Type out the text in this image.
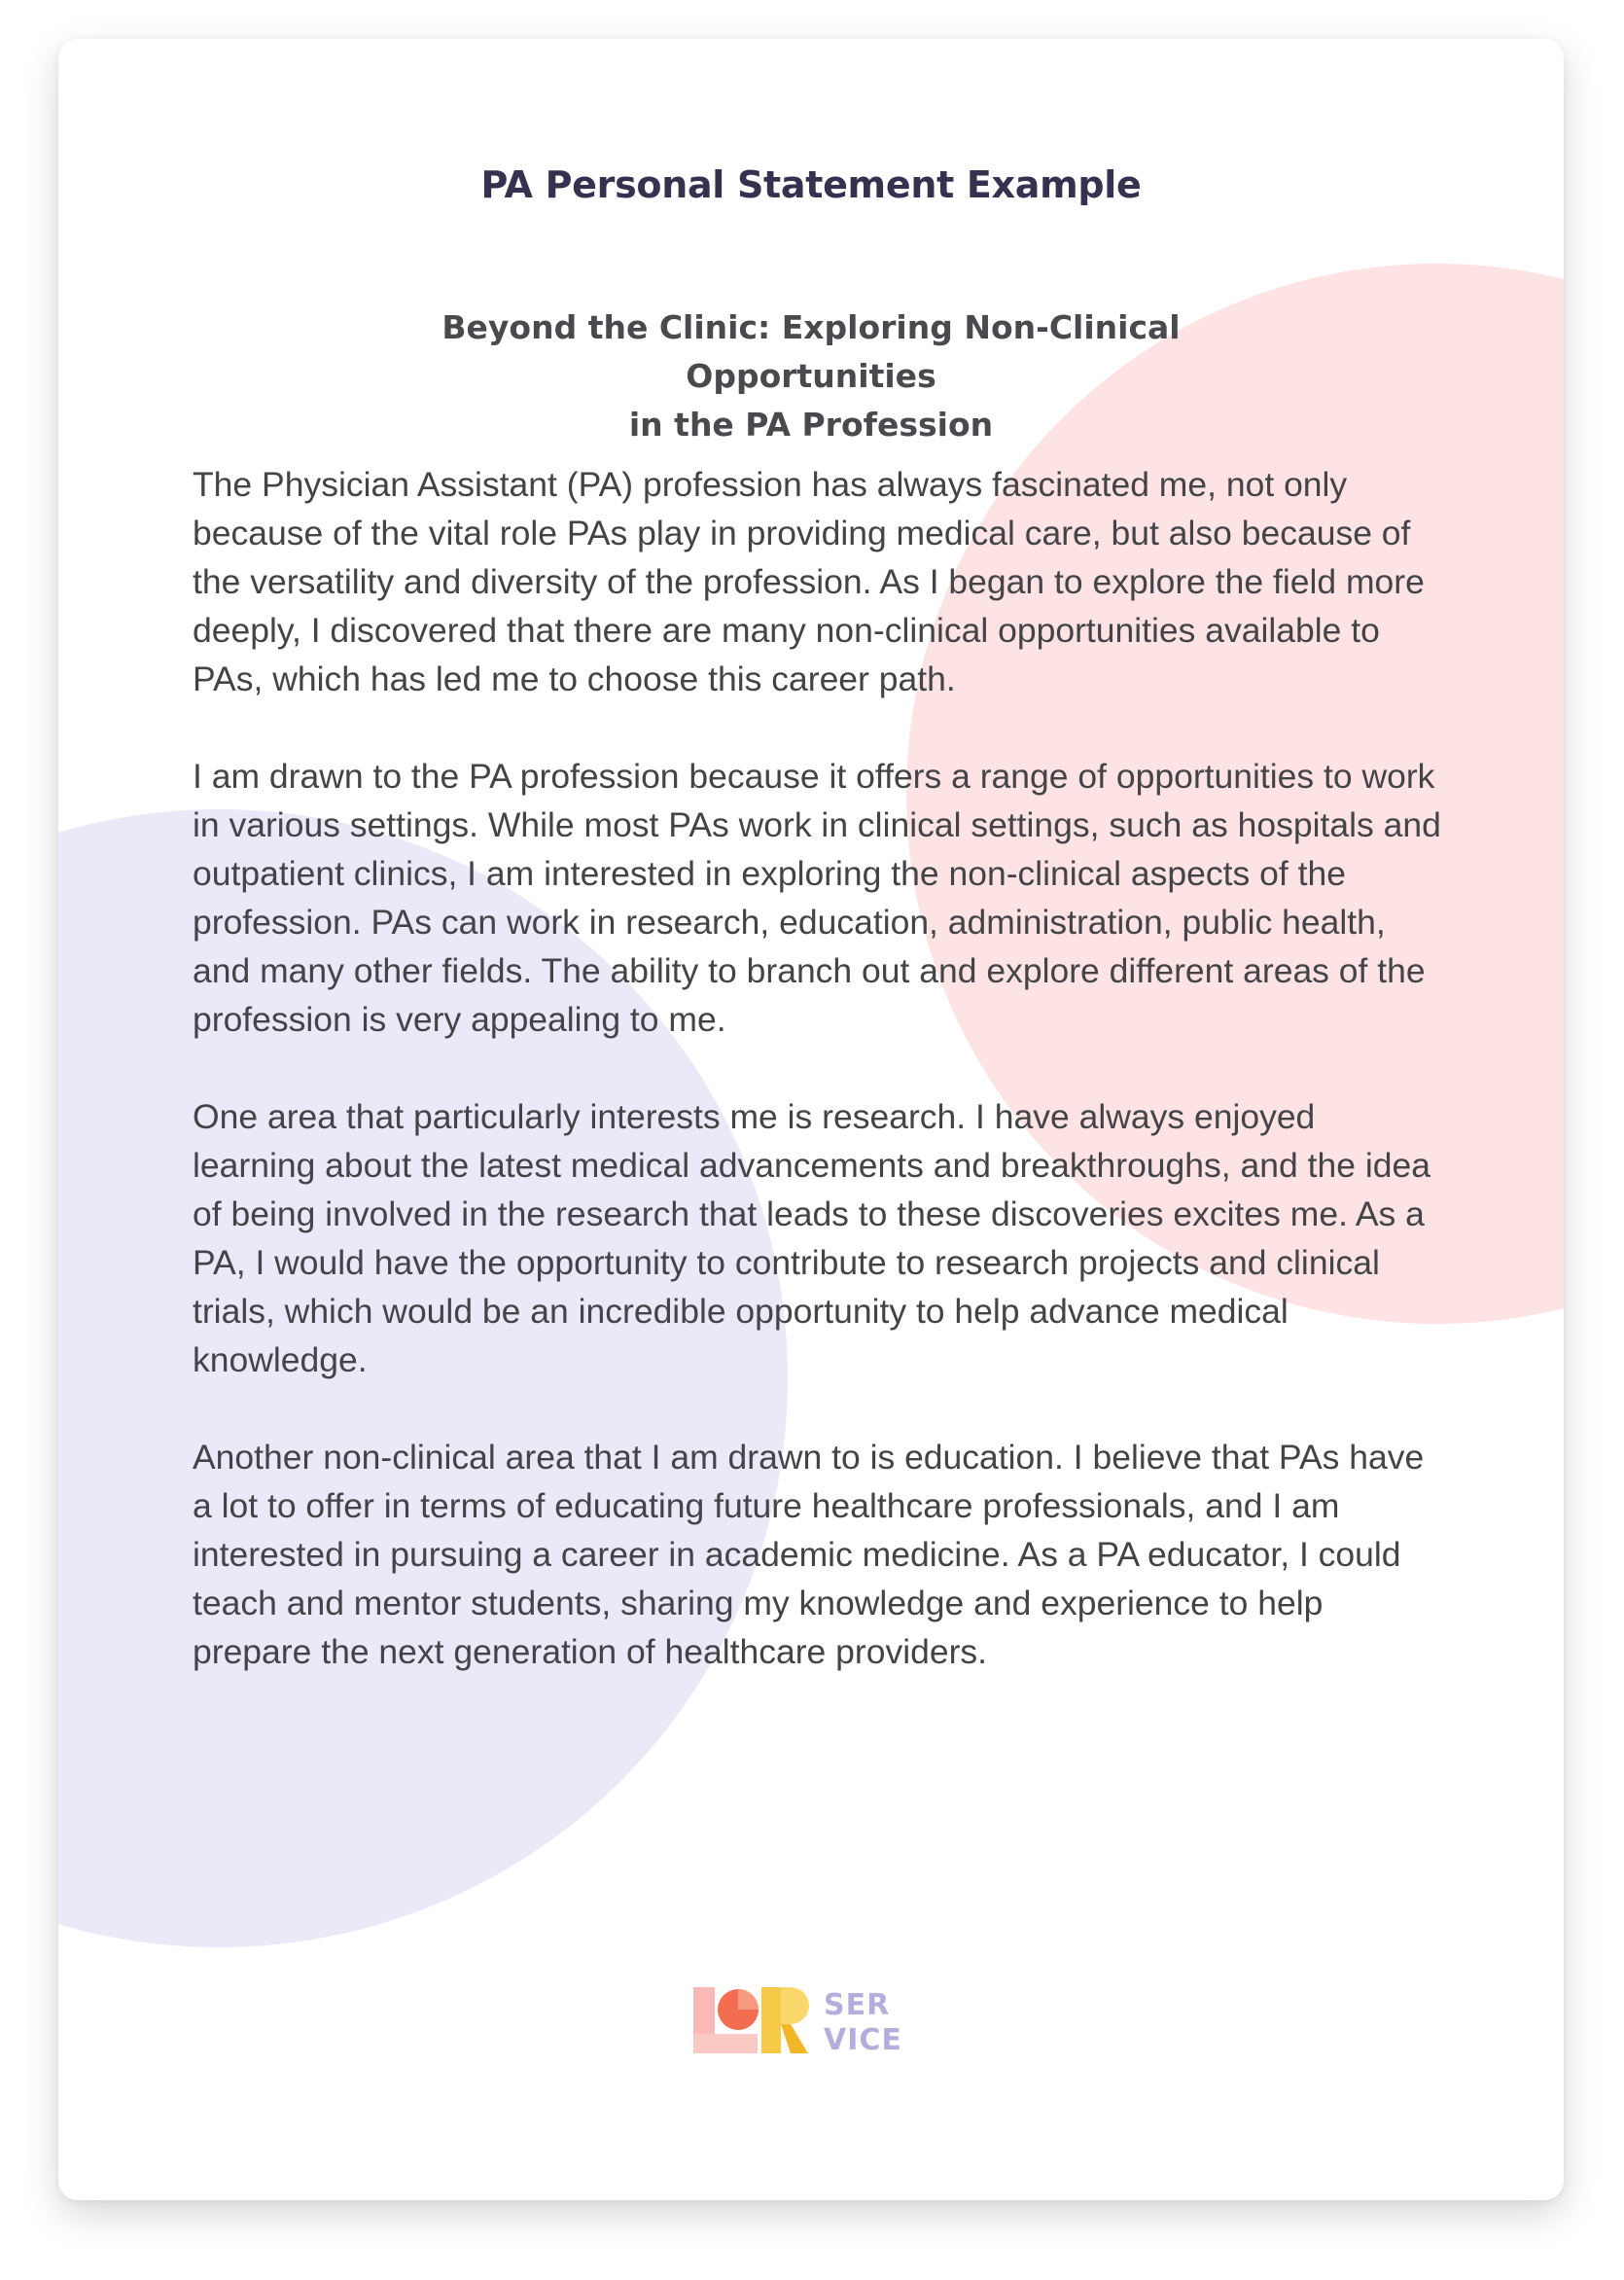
PA Personal Statement Example
Beyond the Clinic: Exploring Non-Clinical Opportunities
in the PA Profession

The Physician Assistant (PA) profession has always fascinated me, not only because of the vital role PAs play in providing medical care, but also because of the versatility and diversity of the profession. As I began to explore the field more deeply, I discovered that there are many non-clinical opportunities available to PAs, which has led me to choose this career path.

I am drawn to the PA profession because it offers a range of opportunities to work in various settings. While most PAs work in clinical settings, such as hospitals and outpatient clinics, I am interested in exploring the non-clinical aspects of the profession. PAs can work in research, education, administration, public health, and many other fields. The ability to branch out and explore different areas of the profession is very appealing to me.

One area that particularly interests me is research. I have always enjoyed learning about the latest medical advancements and breakthroughs, and the idea of being involved in the research that leads to these discoveries excites me. As a PA, I would have the opportunity to contribute to research projects and clinical trials, which would be an incredible opportunity to help advance medical knowledge.

Another non-clinical area that I am drawn to is education. I believe that PAs have a lot to offer in terms of educating future healthcare professionals, and I am interested in pursuing a career in academic medicine. As a PA educator, I could teach and mentor students, sharing my knowledge and experience to help prepare the next generation of healthcare providers.

SER
VICE
